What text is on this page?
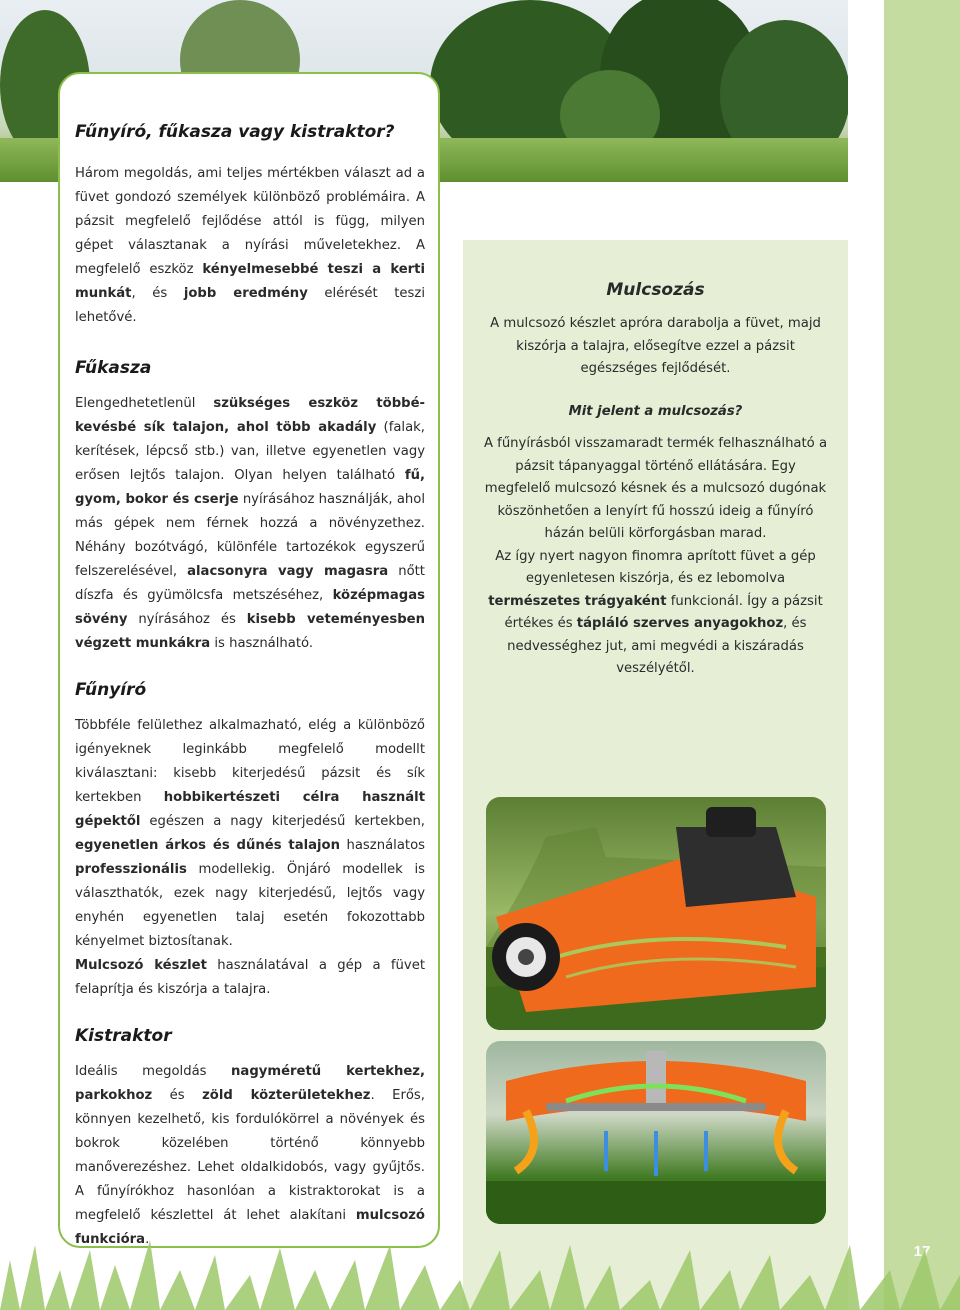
17
Fűnyíró, fűkasza vagy kistraktor?

Három megoldás, ami teljes mértékben választ ad a füvet gondozó személyek különböző problémáira. A pázsit megfelelő fejlődése attól is függ, milyen gépet választanak a nyírási műveletekhez. A megfelelő eszköz kényelmesebbé teszi a kerti munkát, és jobb eredmény elérését teszi lehetővé.

Fűkasza

Elengedhetetlenül szükséges eszköz többé-kevésbé sík talajon, ahol több akadály (falak, kerítések, lépcső stb.) van, illetve egyenetlen vagy erősen lejtős talajon. Olyan helyen található fű, gyom, bokor és cserje nyírásához használják, ahol más gépek nem férnek hozzá a növényzethez. Néhány bozótvágó, különféle tartozékok egyszerű felszerelésével, alacsonyra vagy magasra nőtt díszfa és gyümölcsfa metszéséhez, középmagas sövény nyírásához és kisebb veteményesben végzett munkákra is használható.

Fűnyíró

Többféle felülethez alkalmazható, elég a különböző igényeknek leginkább megfelelő modellt kiválasztani: kisebb kiterjedésű pázsit és sík kertekben hobbikertészeti célra használt gépektől egészen a nagy kiterjedésű kertekben, egyenetlen árkos és dűnés talajon használatos professzionális modellekig. Önjáró modellek is választhatók, ezek nagy kiterjedésű, lejtős vagy enyhén egyenetlen talaj esetén fokozottabb kényelmet biztosítanak.

Mulcsozó készlet használatával a gép a füvet felaprítja és kiszórja a talajra.

Kistraktor

Ideális megoldás nagyméretű kertekhez, parkokhoz és zöld közterületekhez. Erős, könnyen kezelhető, kis fordulókörrel a növények és bokrok közelében történő könnyebb manőverezéshez. Lehet oldalkidobós, vagy gyűjtős. A fűnyírókhoz hasonlóan a kistraktorokat is a megfelelő készlettel át lehet alakítani mulcsozó funkcióra.

Mulcsozás

A mulcsozó készlet apróra darabolja a füvet, majd kiszórja a talajra, elősegítve ezzel a pázsit egészséges fejlődését.

Mit jelent a mulcsozás?

A fűnyírásból visszamaradt termék felhasználható a pázsit tápanyaggal történő ellátására. Egy megfelelő mulcsozó késnek és a mulcsozó dugónak köszönhetően a lenyírt fű hosszú ideig a fűnyíró házán belüli körforgásban marad.

Az így nyert nagyon finomra aprított füvet a gép egyenletesen kiszórja, és ez lebomolva természetes trágyaként funkcionál. Így a pázsit értékes és tápláló szerves anyagokhoz, és nedvességhez jut, ami megvédi a kiszáradás veszélyétől.
